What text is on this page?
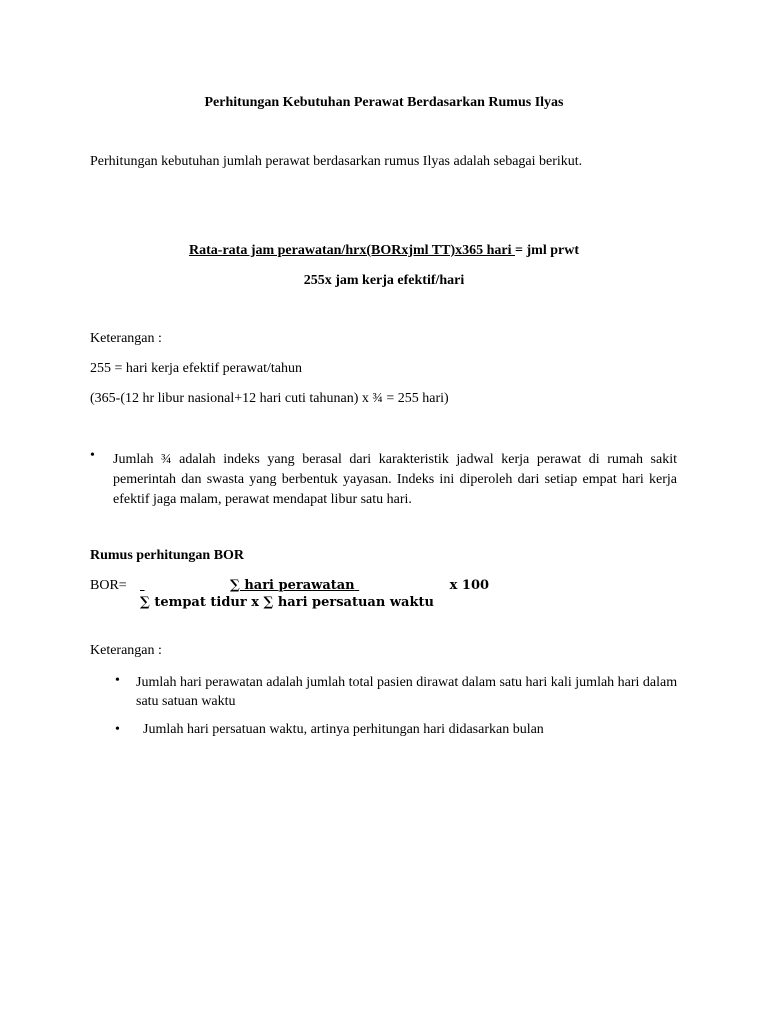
Perhitungan Kebutuhan Perawat Berdasarkan Rumus Ilyas
Perhitungan kebutuhan jumlah perawat berdasarkan rumus Ilyas adalah sebagai berikut.
Rata-rata jam perawatan/hrx(BORxjml TT)x365 hari = jml prwt
255x jam kerja efektif/hari
Keterangan :
255 = hari kerja efektif perawat/tahun
(365-(12 hr libur nasional+12 hari cuti tahunan) x ¾ = 255 hari)
• Jumlah ¾ adalah indeks yang berasal dari karakteristik jadwal kerja perawat di rumah sakit pemerintah dan swasta yang berbentuk yayasan. Indeks ini diperoleh dari setiap empat hari kerja efektif jaga malam, perawat mendapat libur satu hari.
Rumus perhitungan BOR
BOR=	∑ hari perawatan	x 100
∑ tempat tidur x ∑ hari persatuan waktu
Keterangan :
• Jumlah hari perawatan adalah jumlah total pasien dirawat dalam satu hari kali jumlah hari dalam satu satuan waktu
• Jumlah hari persatuan waktu, artinya perhitungan hari didasarkan bulan
